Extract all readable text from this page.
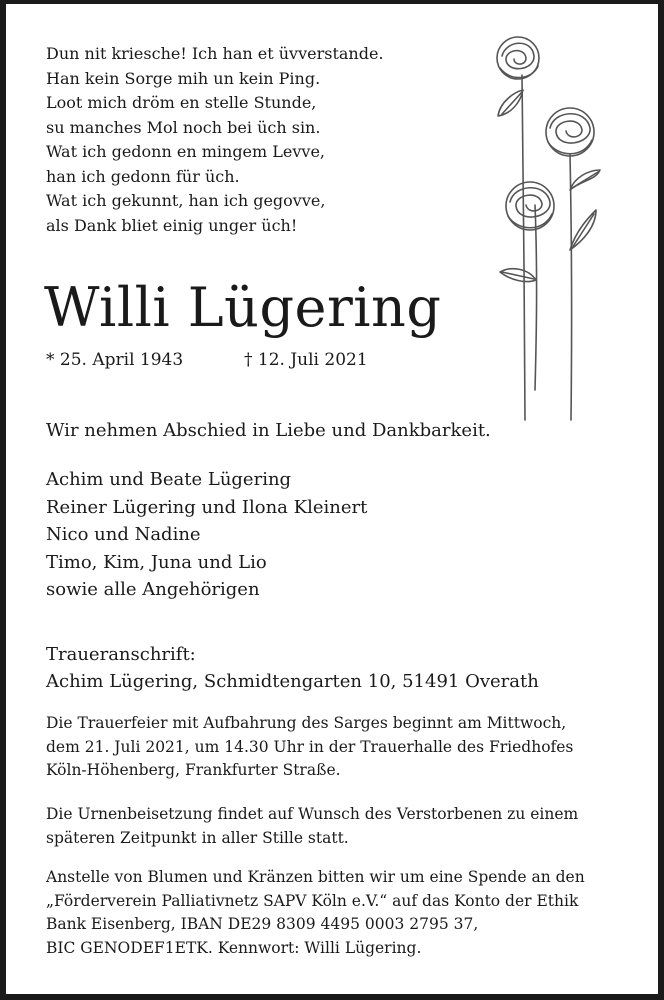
Dun nit kriesche! Ich han et üvverstande.
Han kein Sorge mih un kein Ping.
Loot mich dröm en stelle Stunde,
su manches Mol noch bei üch sin.
Wat ich gedonn en mingem Levve,
han ich gedonn für üch.
Wat ich gekunnt, han ich gegovve,
als Dank bliet einig unger üch!
Willi Lügering
* 25. April 1943	† 12. Juli 2021
Wir nehmen Abschied in Liebe und Dankbarkeit.
Achim und Beate Lügering
Reiner Lügering und Ilona Kleinert
Nico und Nadine
Timo, Kim, Juna und Lio
sowie alle Angehörigen
Traueranschrift:
Achim Lügering, Schmidtengarten 10, 51491 Overath
Die Trauerfeier mit Aufbahrung des Sarges beginnt am Mittwoch,
dem 21. Juli 2021, um 14.30 Uhr in der Trauerhalle des Friedhofes
Köln-Höhenberg, Frankfurter Straße.
Die Urnenbeisetzung findet auf Wunsch des Verstorbenen zu einem
späteren Zeitpunkt in aller Stille statt.
Anstelle von Blumen und Kränzen bitten wir um eine Spende an den
„Förderverein Palliativnetz SAPV Köln e.V.“ auf das Konto der Ethik
Bank Eisenberg, IBAN DE29 8309 4495 0003 2795 37,
BIC GENODEF1ETK. Kennwort: Willi Lügering.
